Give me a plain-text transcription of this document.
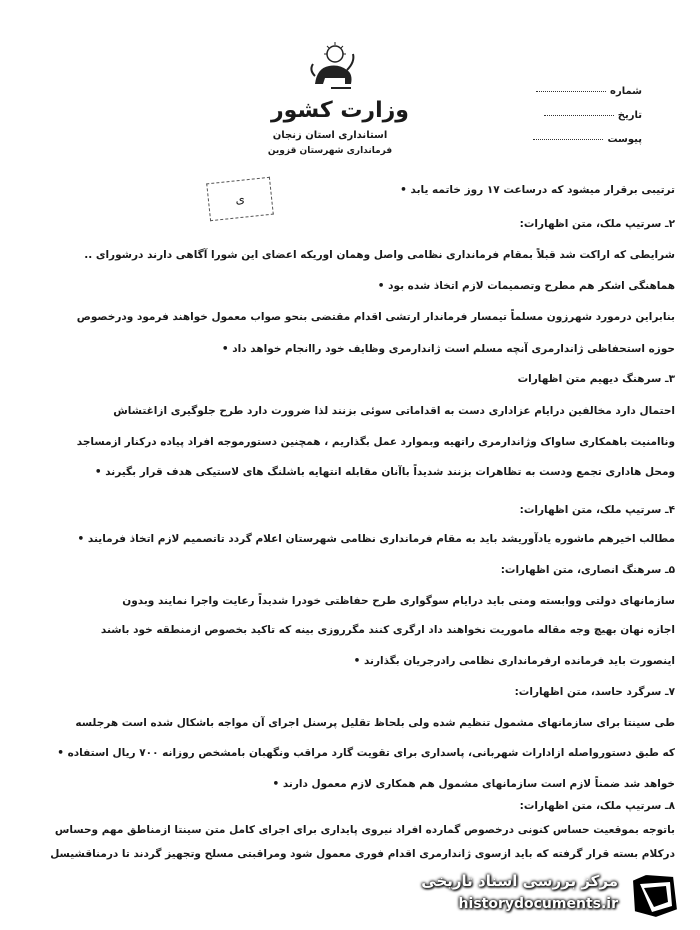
وزارت کشور
استانداری استان زنجان
فرمانداری شهرستان قزوین
شماره
تاریخ
پیوست
ی
ترتیبی برقرار میشود که درساعت ۱۷ روز خاتمه یابد •
۲ـ سرتیپ ملک، متن اظهارات:
شرایطی که اراکت شد قبلاً بمقام فرمانداری نظامی واصل وهمان اوریکه اعضای این شورا آگاهی دارند درشورای ..
هماهنگی اشکر هم مطرح وتصمیمات لازم اتخاذ شده بود •
بنابراین درمورد شهرزون مسلماً تیمسار فرماندار ارتشی اقدام مقتضی بنحو صواب معمول خواهند فرمود ودرخصوص
حوزه استحفاظی ژاندارمری آنچه مسلم است ژاندارمری وظایف خود راانجام خواهد داد •
۳ـ سرهنگ دیهیم متن اظهارات
احتمال دارد مخالفین درایام عزاداری دست به اقداماتی سوئی بزنند لذا ضرورت دارد طرح جلوگیری ازاغتشاش
وناامنیت باهمکاری ساواک وژاندارمری راتهیه وبموارد عمل بگذاریم ، همچنین دستورموجه افراد پیاده درکنار ازمساجد
ومحل هاداری تجمع ودست به تظاهرات بزنند شدیداً باآنان مقابله انتهایه باشلنگ های لاستیکی هدف قرار بگیرند •
۴ـ سرتیپ ملک، متن اظهارات:
مطالب اخیرهم ماشوره یادآوریشد باید به مقام فرمانداری نظامی شهرستان اعلام گردد تاتصمیم لازم اتخاذ فرمایند •
۵ـ سرهنگ انصاری، متن اظهارات:
سازمانهای دولتی ووابسته ومنی باید درایام سوگواری طرح حفاظتی خودرا شدیداً رعایت واجرا نمایند وبدون
اجازه نهان بهیچ وجه مقاله ماموریت نخواهند داد ارگری کنند مگرروزی بینه که تاکید بخصوص ازمنطقه خود باشند
اینصورت باید فرمانده ارفرمانداری نظامی رادرجریان بگذارند •
۷ـ سرگرد حاسد، متن اظهارات:
طی سینتا برای سازمانهای مشمول تنظیم شده ولی بلحاظ تقلیل پرسنل اجرای آن مواجه باشکال شده است هرجلسه
که طبق دستورواصله ازادارات شهربانی، پاسداری برای تقویت گارد مراقب ونگهبان بامشخص روزانه ۷۰۰ ریال استفاده •
خواهد شد ضمناً لازم است سازمانهای مشمول هم همکاری لازم معمول دارند •
۸ـ سرتیپ ملک، متن اظهارات:
باتوجه بموقعیت حساس کنونی درخصوص گمارده افراد نیروی پایداری برای اجرای کامل متن سینتا ازمناطق مهم وحساس
درکلام بسته قرار گرفته که باید ازسوی ژاندارمری اقدام فوری معمول شود ومراقبتی مسلح وتجهیز گردند تا درمناقشیسل
مرکز بررسی اسناد تاریخی
historydocuments.ir
